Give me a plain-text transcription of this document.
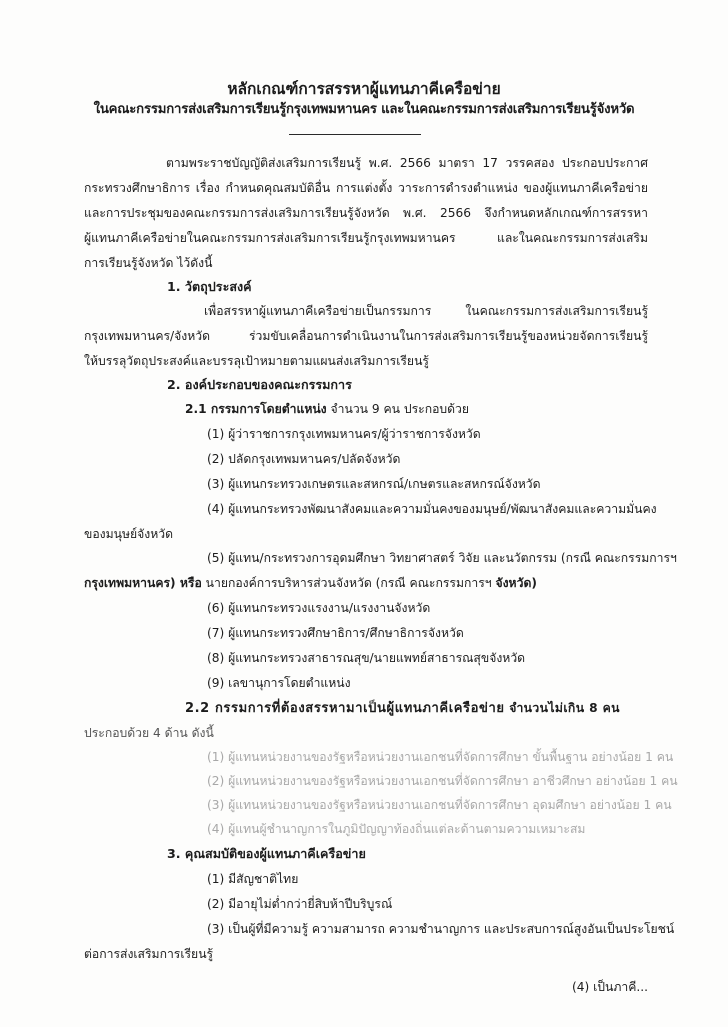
หลักเกณฑ์การสรรหาผู้แทนภาคีเครือข่าย
ในคณะกรรมการส่งเสริมการเรียนรู้กรุงเทพมหานคร และในคณะกรรมการส่งเสริมการเรียนรู้จังหวัด
ตามพระราชบัญญัติส่งเสริมการเรียนรู้ พ.ศ. 2566 มาตรา 17 วรรคสอง ประกอบประกาศ
กระทรวงศึกษาธิการ เรื่อง กำหนดคุณสมบัติอื่น การแต่งตั้ง วาระการดำรงตำแหน่ง ของผู้แทนภาคีเครือข่าย
และการประชุมของคณะกรรมการส่งเสริมการเรียนรู้จังหวัด พ.ศ. 2566 จึงกำหนดหลักเกณฑ์การสรรหา
ผู้แทนภาคีเครือข่ายในคณะกรรมการส่งเสริมการเรียนรู้กรุงเทพมหานคร และในคณะกรรมการส่งเสริม
การเรียนรู้จังหวัด ไว้ดังนี้
1. วัตถุประสงค์
เพื่อสรรหาผู้แทนภาคีเครือข่ายเป็นกรรมการ ในคณะกรรมการส่งเสริมการเรียนรู้
กรุงเทพมหานคร/จังหวัด ร่วมขับเคลื่อนการดำเนินงานในการส่งเสริมการเรียนรู้ของหน่วยจัดการเรียนรู้
ให้บรรลุวัตถุประสงค์และบรรลุเป้าหมายตามแผนส่งเสริมการเรียนรู้
2. องค์ประกอบของคณะกรรมการ
2.1 กรรมการโดยตำแหน่ง จำนวน 9 คน ประกอบด้วย
(1) ผู้ว่าราชการกรุงเทพมหานคร/ผู้ว่าราชการจังหวัด
(2) ปลัดกรุงเทพมหานคร/ปลัดจังหวัด
(3) ผู้แทนกระทรวงเกษตรและสหกรณ์/เกษตรและสหกรณ์จังหวัด
(4) ผู้แทนกระทรวงพัฒนาสังคมและความมั่นคงของมนุษย์/พัฒนาสังคมและความมั่นคง
ของมนุษย์จังหวัด
(5) ผู้แทน/กระทรวงการอุดมศึกษา วิทยาศาสตร์ วิจัย และนวัตกรรม (กรณี คณะกรรมการฯ
กรุงเทพมหานคร) หรือ นายกองค์การบริหารส่วนจังหวัด (กรณี คณะกรรมการฯ จังหวัด)
(6) ผู้แทนกระทรวงแรงงาน/แรงงานจังหวัด
(7) ผู้แทนกระทรวงศึกษาธิการ/ศึกษาธิการจังหวัด
(8) ผู้แทนกระทรวงสาธารณสุข/นายแพทย์สาธารณสุขจังหวัด
(9) เลขานุการโดยตำแหน่ง
2.2 กรรมการที่ต้องสรรหามาเป็นผู้แทนภาคีเครือข่าย จำนวนไม่เกิน 8 คน
ประกอบด้วย 4 ด้าน ดังนี้
(1) ผู้แทนหน่วยงานของรัฐหรือหน่วยงานเอกชนที่จัดการศึกษา ขั้นพื้นฐาน อย่างน้อย 1 คน
(2) ผู้แทนหน่วยงานของรัฐหรือหน่วยงานเอกชนที่จัดการศึกษา อาชีวศึกษา อย่างน้อย 1 คน
(3) ผู้แทนหน่วยงานของรัฐหรือหน่วยงานเอกชนที่จัดการศึกษา อุดมศึกษา อย่างน้อย 1 คน
(4) ผู้แทนผู้ชำนาญการในภูมิปัญญาท้องถิ่นแต่ละด้านตามความเหมาะสม
3. คุณสมบัติของผู้แทนภาคีเครือข่าย
(1) มีสัญชาติไทย
(2) มีอายุไม่ต่ำกว่ายี่สิบห้าปีบริบูรณ์
(3) เป็นผู้ที่มีความรู้ ความสามารถ ความชำนาญการ และประสบการณ์สูงอันเป็นประโยชน์
ต่อการส่งเสริมการเรียนรู้
(4) เป็นภาคี...
